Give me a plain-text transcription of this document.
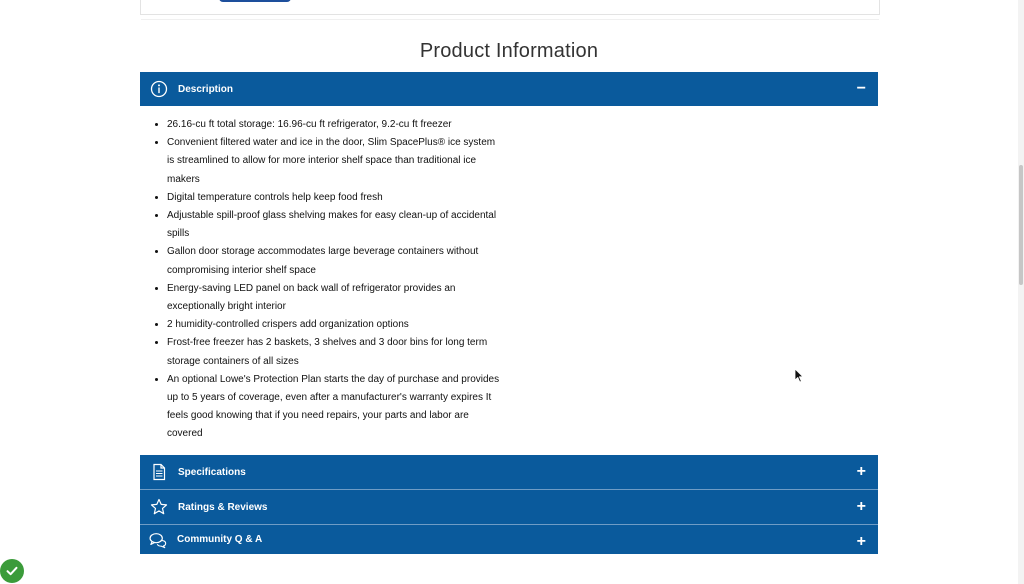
Product Information
Description	−
26.16-cu ft total storage: 16.96-cu ft refrigerator, 9.2-cu ft freezer
Convenient filtered water and ice in the door, Slim SpacePlus® ice system is streamlined to allow for more interior shelf space than traditional ice makers
Digital temperature controls help keep food fresh
Adjustable spill-proof glass shelving makes for easy clean-up of accidental spills
Gallon door storage accommodates large beverage containers without compromising interior shelf space
Energy-saving LED panel on back wall of refrigerator provides an exceptionally bright interior
2 humidity-controlled crispers add organization options
Frost-free freezer has 2 baskets, 3 shelves and 3 door bins for long term storage containers of all sizes
An optional Lowe's Protection Plan starts the day of purchase and provides up to 5 years of coverage, even after a manufacturer's warranty expires It feels good knowing that if you need repairs, your parts and labor are covered
Specifications	+
Ratings & Reviews	+
Community Q & A	+
